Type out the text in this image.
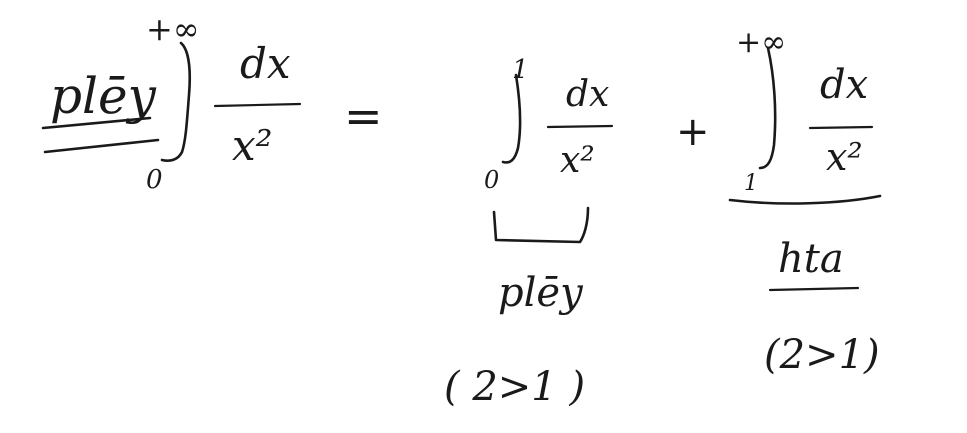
plēy
+∞
0
dx
x²
=
1
0
dx
x²
plēy
( 2>1 )
+
+∞
1
dx
x²
hta
(2>1)
